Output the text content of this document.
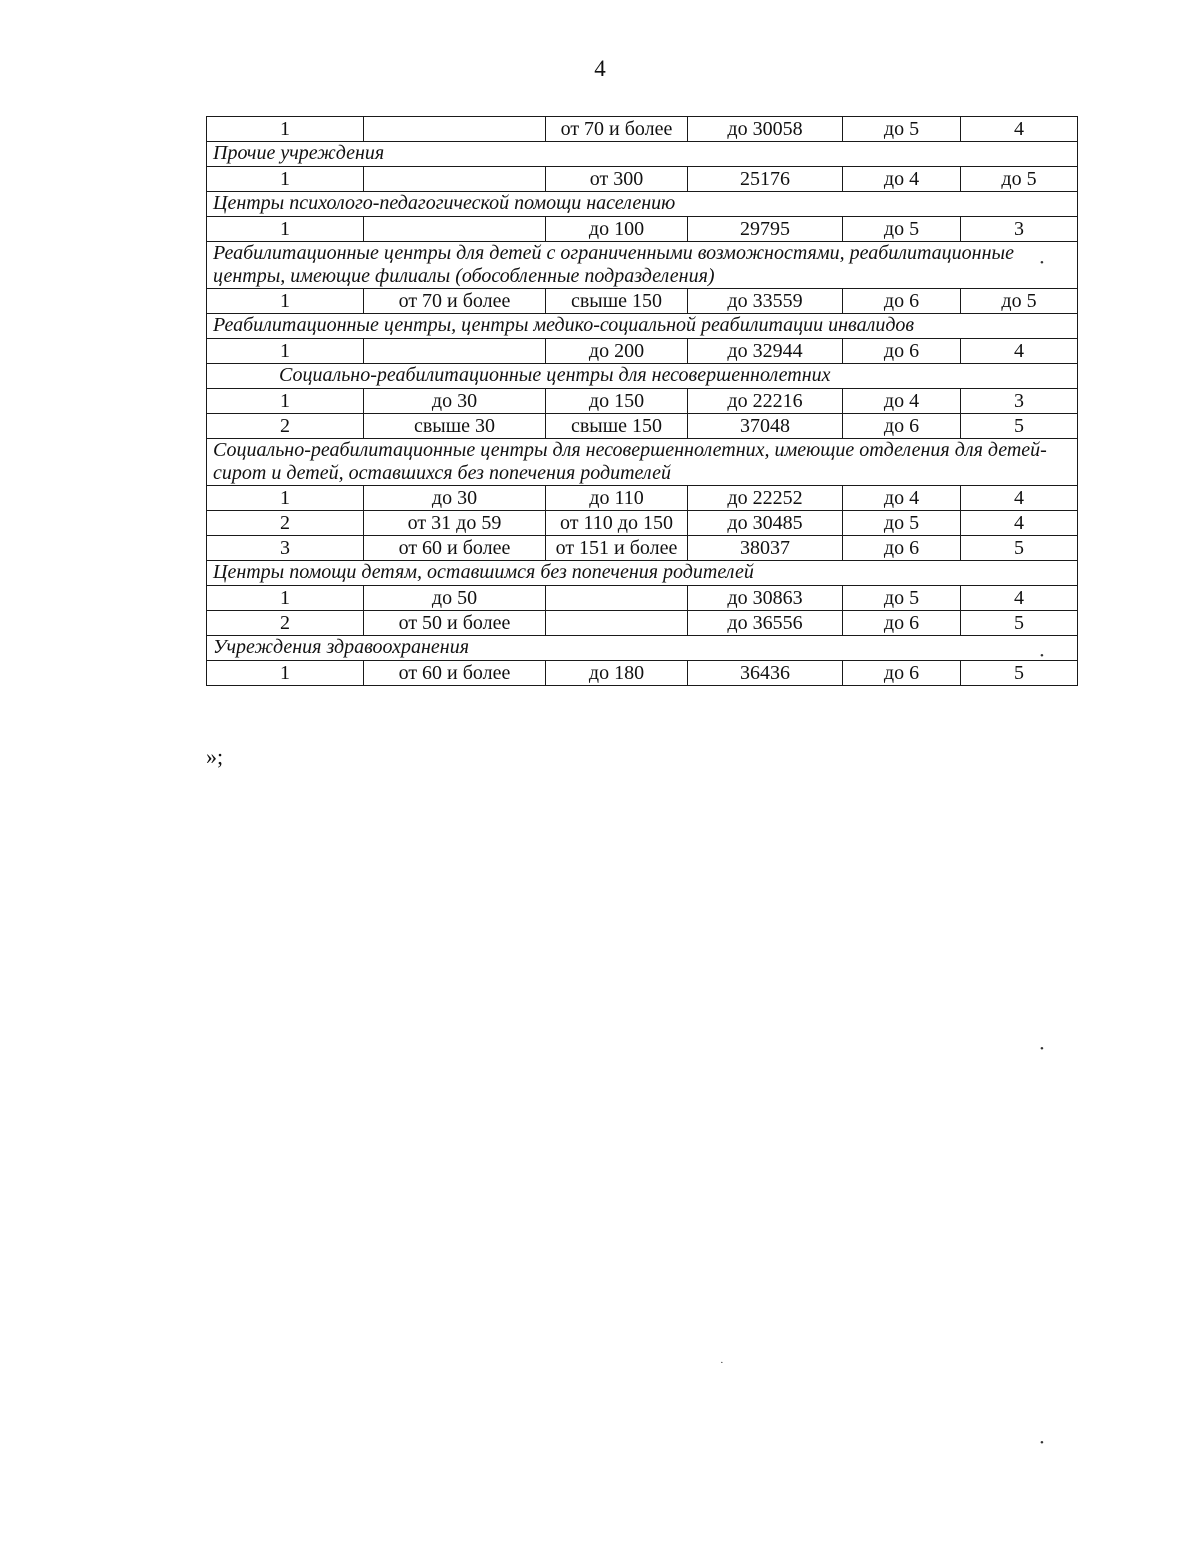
4
1		от 70 и более	до 30058	до 5	4
Прочие учреждения					
1		от 300	25176	до 4	до 5
Центры психолого-педагогической помощи населению					
1		до 100	29795	до 5	3
Реабилитационные центры для детей с ограниченными возможностями, реабилитационные центры, имеющие филиалы (обособленные подразделения)					
1	от 70 и более	свыше 150	до 33559	до 6	до 5
Реабилитационные центры, центры медико-социальной реабилитации инвалидов					
1		до 200	до 32944	до 6	4
Социально-реабилитационные центры для несовершеннолетних					
1	до 30	до 150	до 22216	до 4	3
2	свыше 30	свыше 150	37048	до 6	5
Социально-реабилитационные центры для несовершеннолетних, имеющие отделения для детей-сирот и детей, оставшихся без попечения родителей					
1	до 30	до 110	до 22252	до 4	4
2	от 31 до 59	от 110 до 150	до 30485	до 5	4
3	от 60 и более	от 151 и более	38037	до 6	5
Центры помощи детям, оставшимся без попечения родителей					
1	до 50		до 30863	до 5	4
2	от 50 и более		до 36556	до 6	5
Учреждения здравоохранения					
1	от 60 и более	до 180	36436	до 6	5
»;
•
•
•
·
•
